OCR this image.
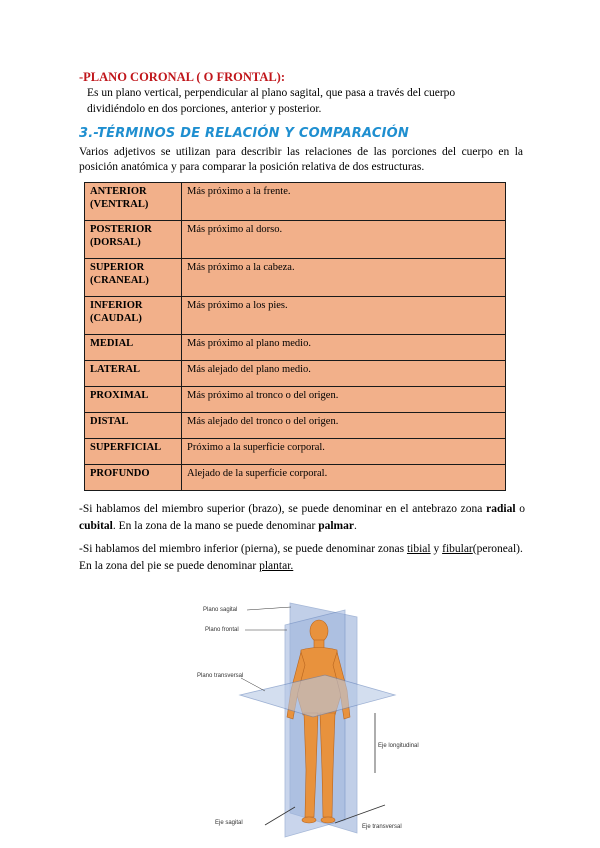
-PLANO CORONAL ( O FRONTAL):
Es un plano vertical, perpendicular al plano sagital, que pasa a través del cuerpo
dividiéndolo en dos porciones, anterior y posterior.
3.-TÉRMINOS DE RELACIÓN Y COMPARACIÓN
Varios adjetivos se utilizan para describir las relaciones de las porciones del cuerpo en la posición anatómica y para comparar la posición relativa de dos estructuras.
ANTERIOR
(VENTRAL)	Más próximo a la frente.

POSTERIOR
(DORSAL)	Más próximo al dorso.

SUPERIOR
(CRANEAL)	Más próximo a la cabeza.

INFERIOR
(CAUDAL)	Más próximo a los pies.
MEDIAL	Más próximo al plano medio.
LATERAL	Más alejado del plano medio.
PROXIMAL	Más próximo al tronco o del origen.
DISTAL	Más alejado del tronco o del origen.
SUPERFICIAL	Próximo a la superficie corporal.
PROFUNDO	Alejado de la superficie corporal.
-Si hablamos del miembro superior (brazo), se puede denominar en el antebrazo zona radial o cubital. En la zona de la mano se puede denominar palmar.
-Si hablamos del miembro inferior (pierna), se puede denominar zonas tibial y fibular(peroneal). En la zona del pie se puede denominar plantar.
Plano sagital
Plano frontal
Plano transversal
Eje longitudinal
Eje sagital
Eje transversal
